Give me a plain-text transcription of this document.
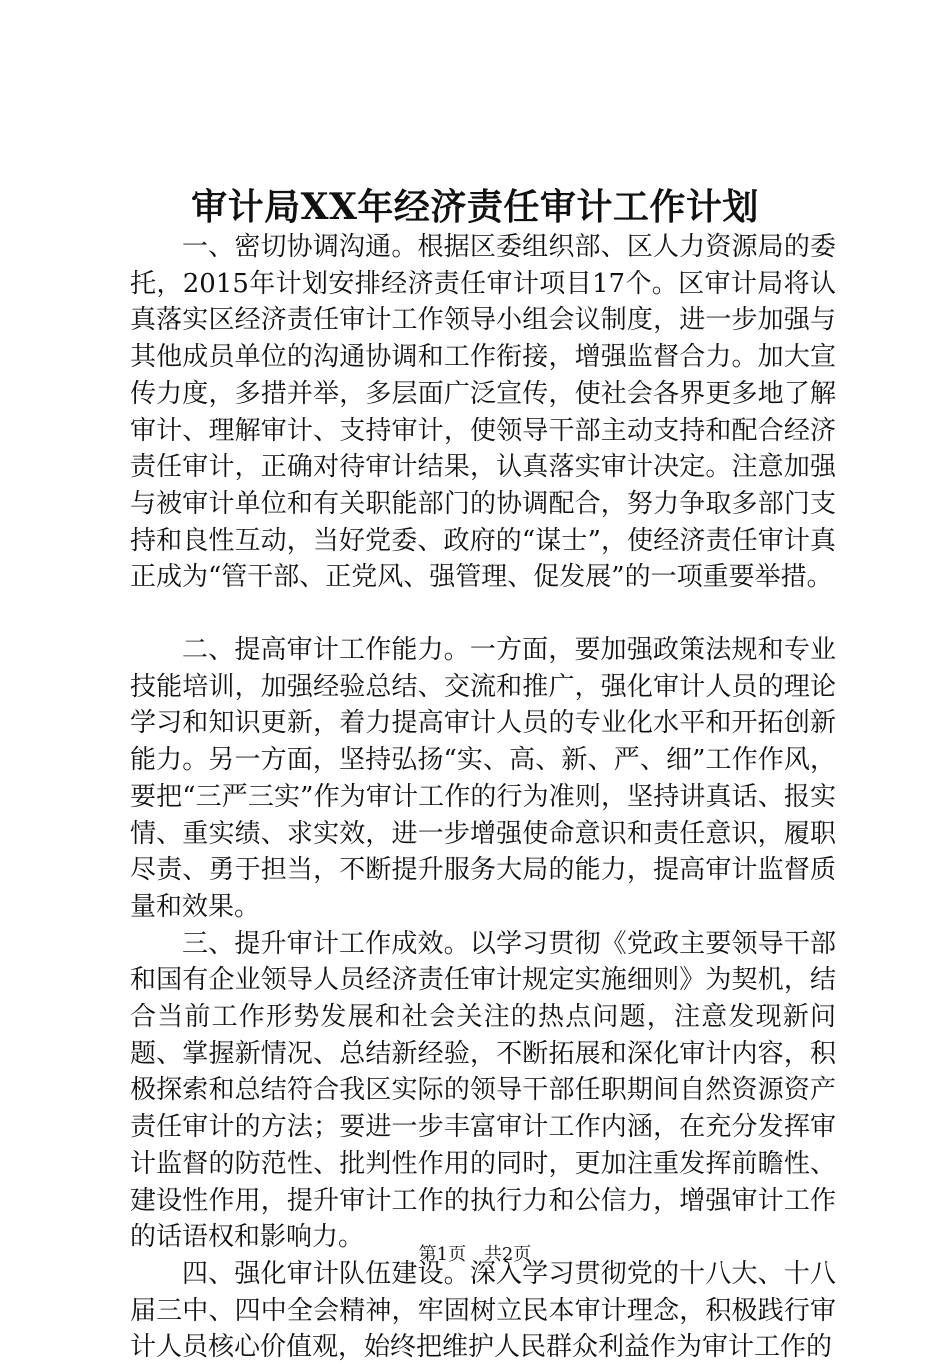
审计局XX年经济责任审计工作计划

一、密切协调沟通。根据区委组织部、区人力资源局的委托，2015年计划安排经济责任审计项目17个。区审计局将认真落实区经济责任审计工作领导小组会议制度，进一步加强与其他成员单位的沟通协调和工作衔接，增强监督合力。加大宣传力度，多措并举，多层面广泛宣传，使社会各界更多地了解审计、理解审计、支持审计，使领导干部主动支持和配合经济责任审计，正确对待审计结果，认真落实审计决定。注意加强与被审计单位和有关职能部门的协调配合，努力争取多部门支持和良性互动，当好党委、政府的“谋士”，使经济责任审计真正成为“管干部、正党风、强管理、促发展”的一项重要举措。

二、提高审计工作能力。一方面，要加强政策法规和专业技能培训，加强经验总结、交流和推广，强化审计人员的理论学习和知识更新，着力提高审计人员的专业化水平和开拓创新能力。另一方面，坚持弘扬“实、高、新、严、细”工作作风，要把“三严三实”作为审计工作的行为准则，坚持讲真话、报实情、重实绩、求实效，进一步增强使命意识和责任意识，履职尽责、勇于担当，不断提升服务大局的能力，提高审计监督质量和效果。

三、提升审计工作成效。以学习贯彻《党政主要领导干部和国有企业领导人员经济责任审计规定实施细则》为契机，结合当前工作形势发展和社会关注的热点问题，注意发现新问题、掌握新情况、总结新经验，不断拓展和深化审计内容，积极探索和总结符合我区实际的领导干部任职期间自然资源资产责任审计的方法；要进一步丰富审计工作内涵，在充分发挥审计监督的防范性、批判性作用的同时，更加注重发挥前瞻性、建设性作用，提升审计工作的执行力和公信力，增强审计工作的话语权和影响力。

四、强化审计队伍建设。深入学习贯彻党的十八大、十八届三中、四中全会精神，牢固树立民本审计理念，积极践行审计人员核心价值观，始终把维护人民群众利益作为审计工作的

第1页 共2页
